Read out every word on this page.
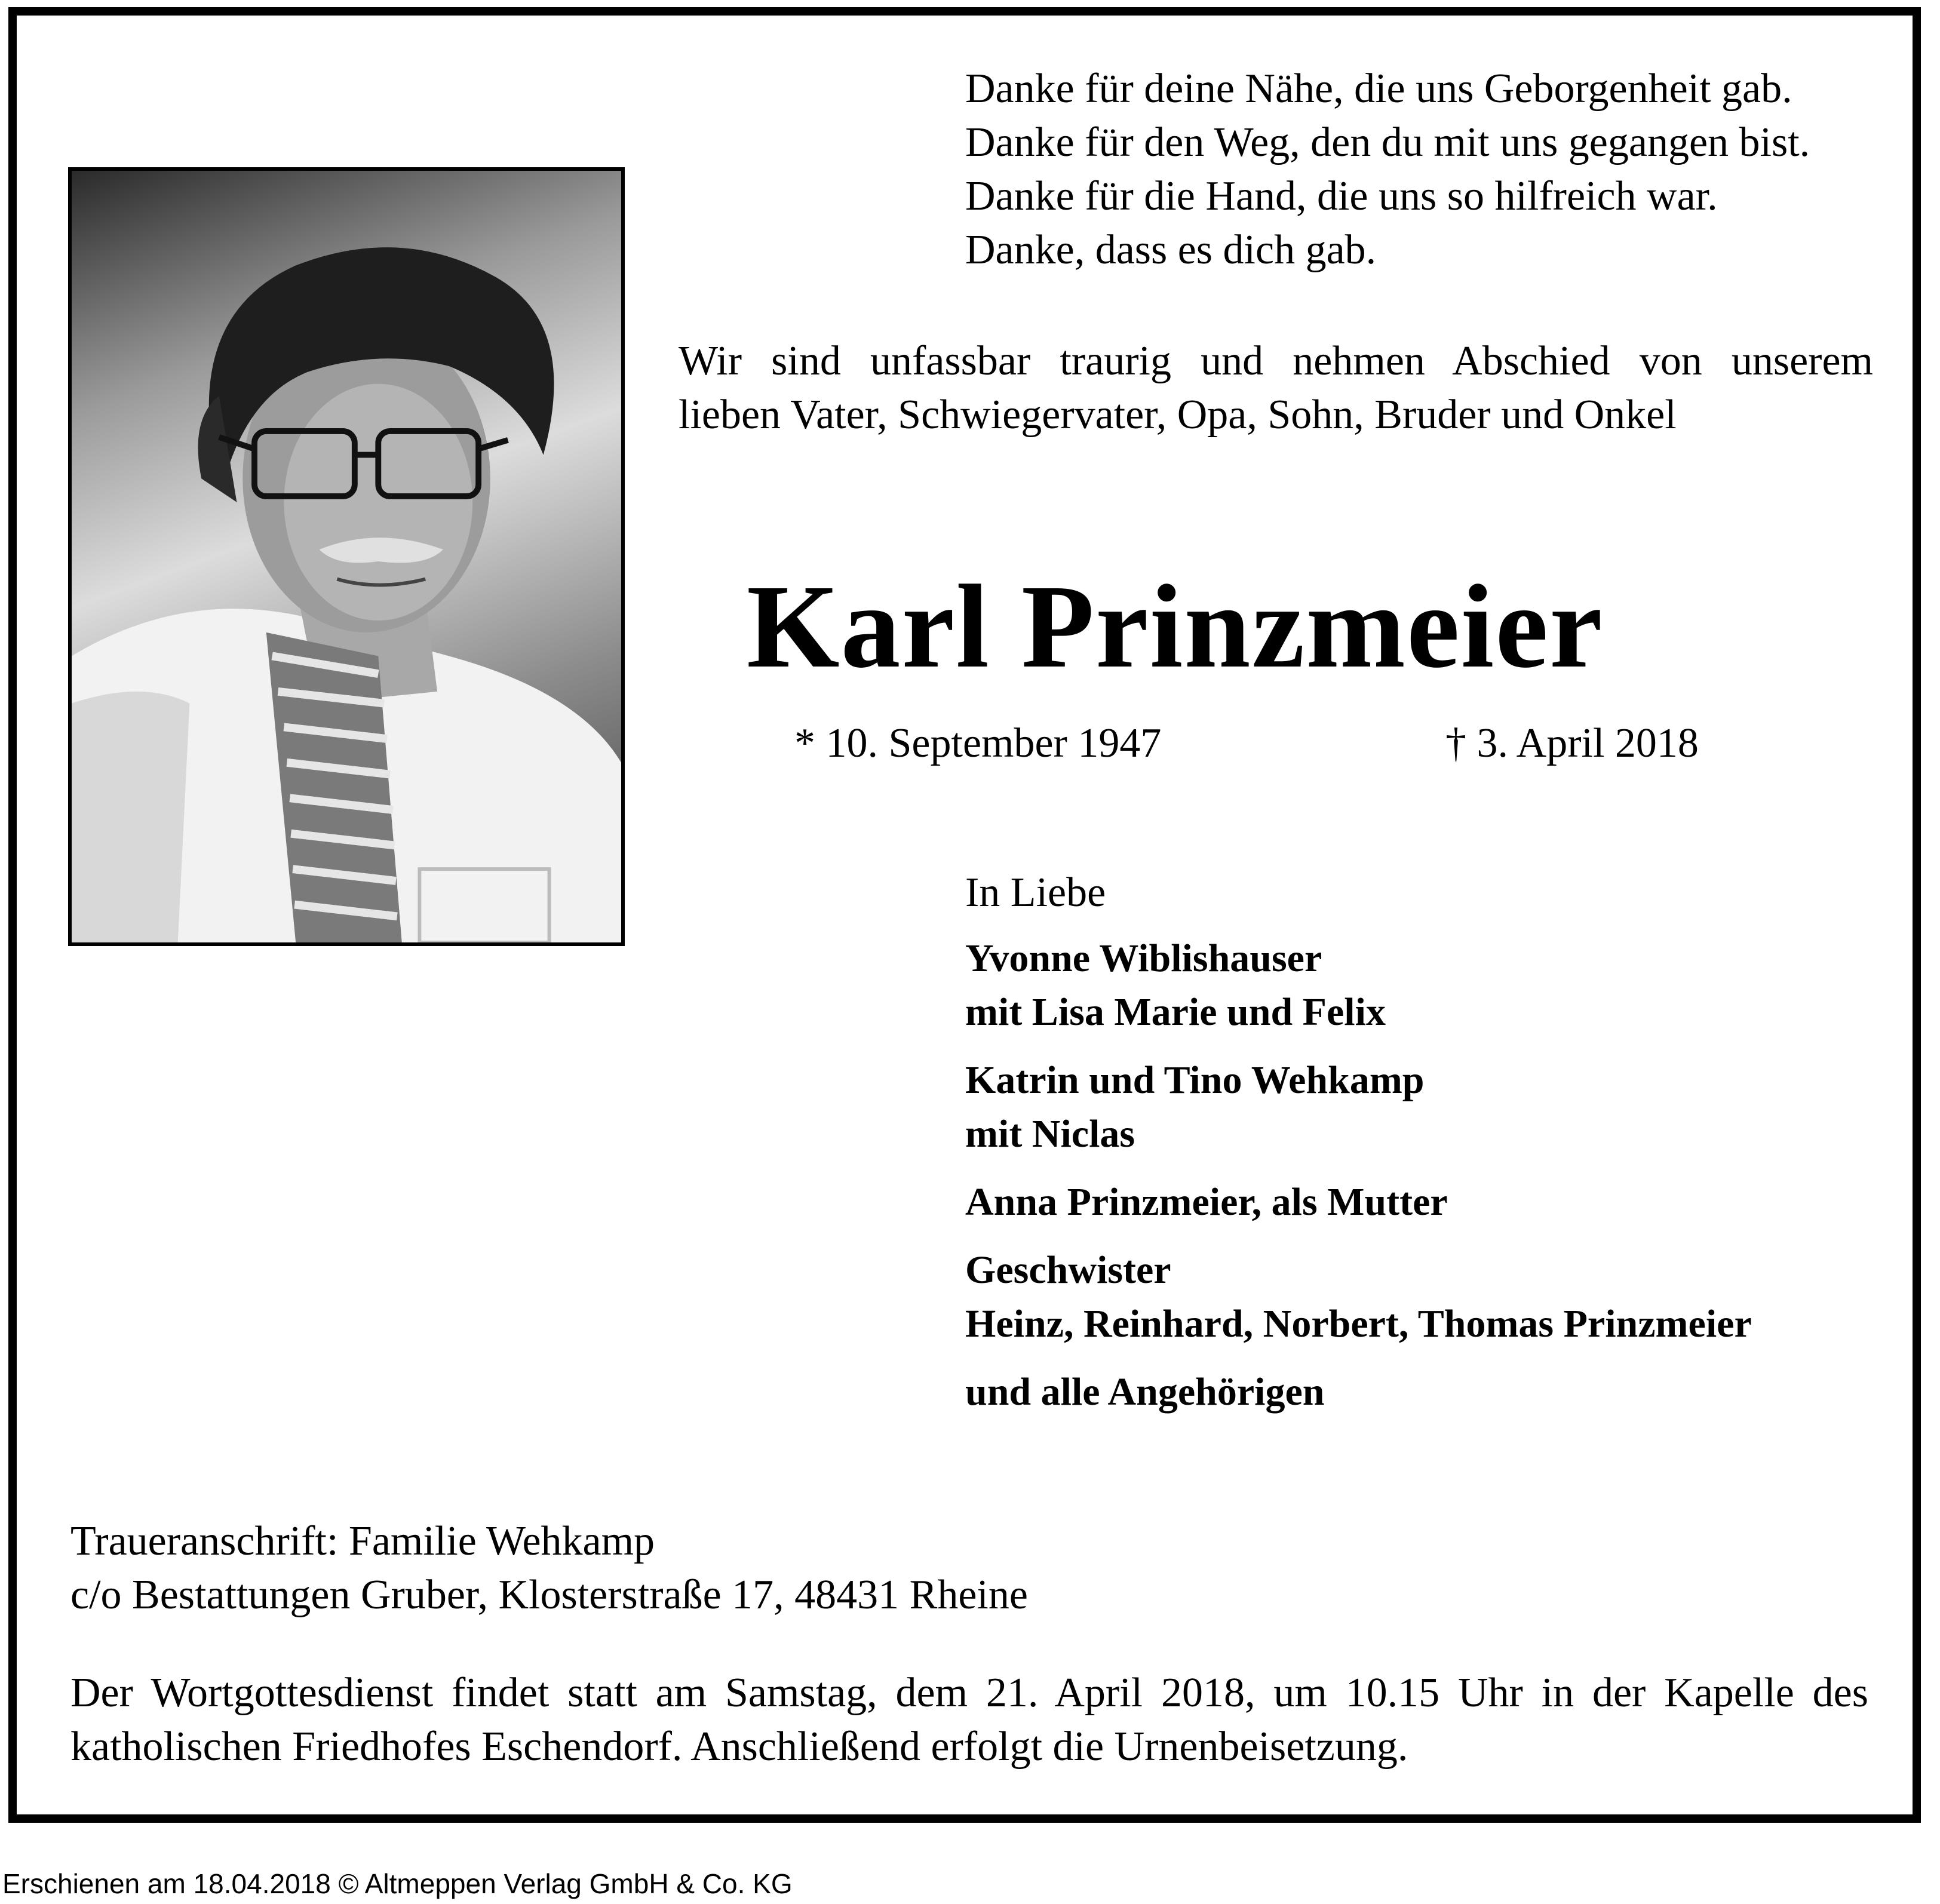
Danke für deine Nähe, die uns Geborgenheit gab.
Danke für den Weg, den du mit uns gegangen bist.
Danke für die Hand, die uns so hilfreich war.
Danke, dass es dich gab.
Wir sind unfassbar traurig und nehmen Abschied von unserem
lieben Vater, Schwiegervater, Opa, Sohn, Bruder und Onkel
Karl Prinzmeier
* 10. September 1947	† 3. April 2018
In Liebe
Yvonne Wiblishauser
mit Lisa Marie und Felix
Katrin und Tino Wehkamp
mit Niclas
Anna Prinzmeier, als Mutter
Geschwister
Heinz, Reinhard, Norbert, Thomas Prinzmeier
und alle Angehörigen
Traueranschrift: Familie Wehkamp
c/o Bestattungen Gruber, Klosterstraße 17, 48431 Rheine
Der Wortgottesdienst findet statt am Samstag, dem 21. April 2018, um 10.15 Uhr in der Kapelle des
katholischen Friedhofes Eschendorf. Anschließend erfolgt die Urnenbeisetzung.
Erschienen am 18.04.2018 © Altmeppen Verlag GmbH & Co. KG
